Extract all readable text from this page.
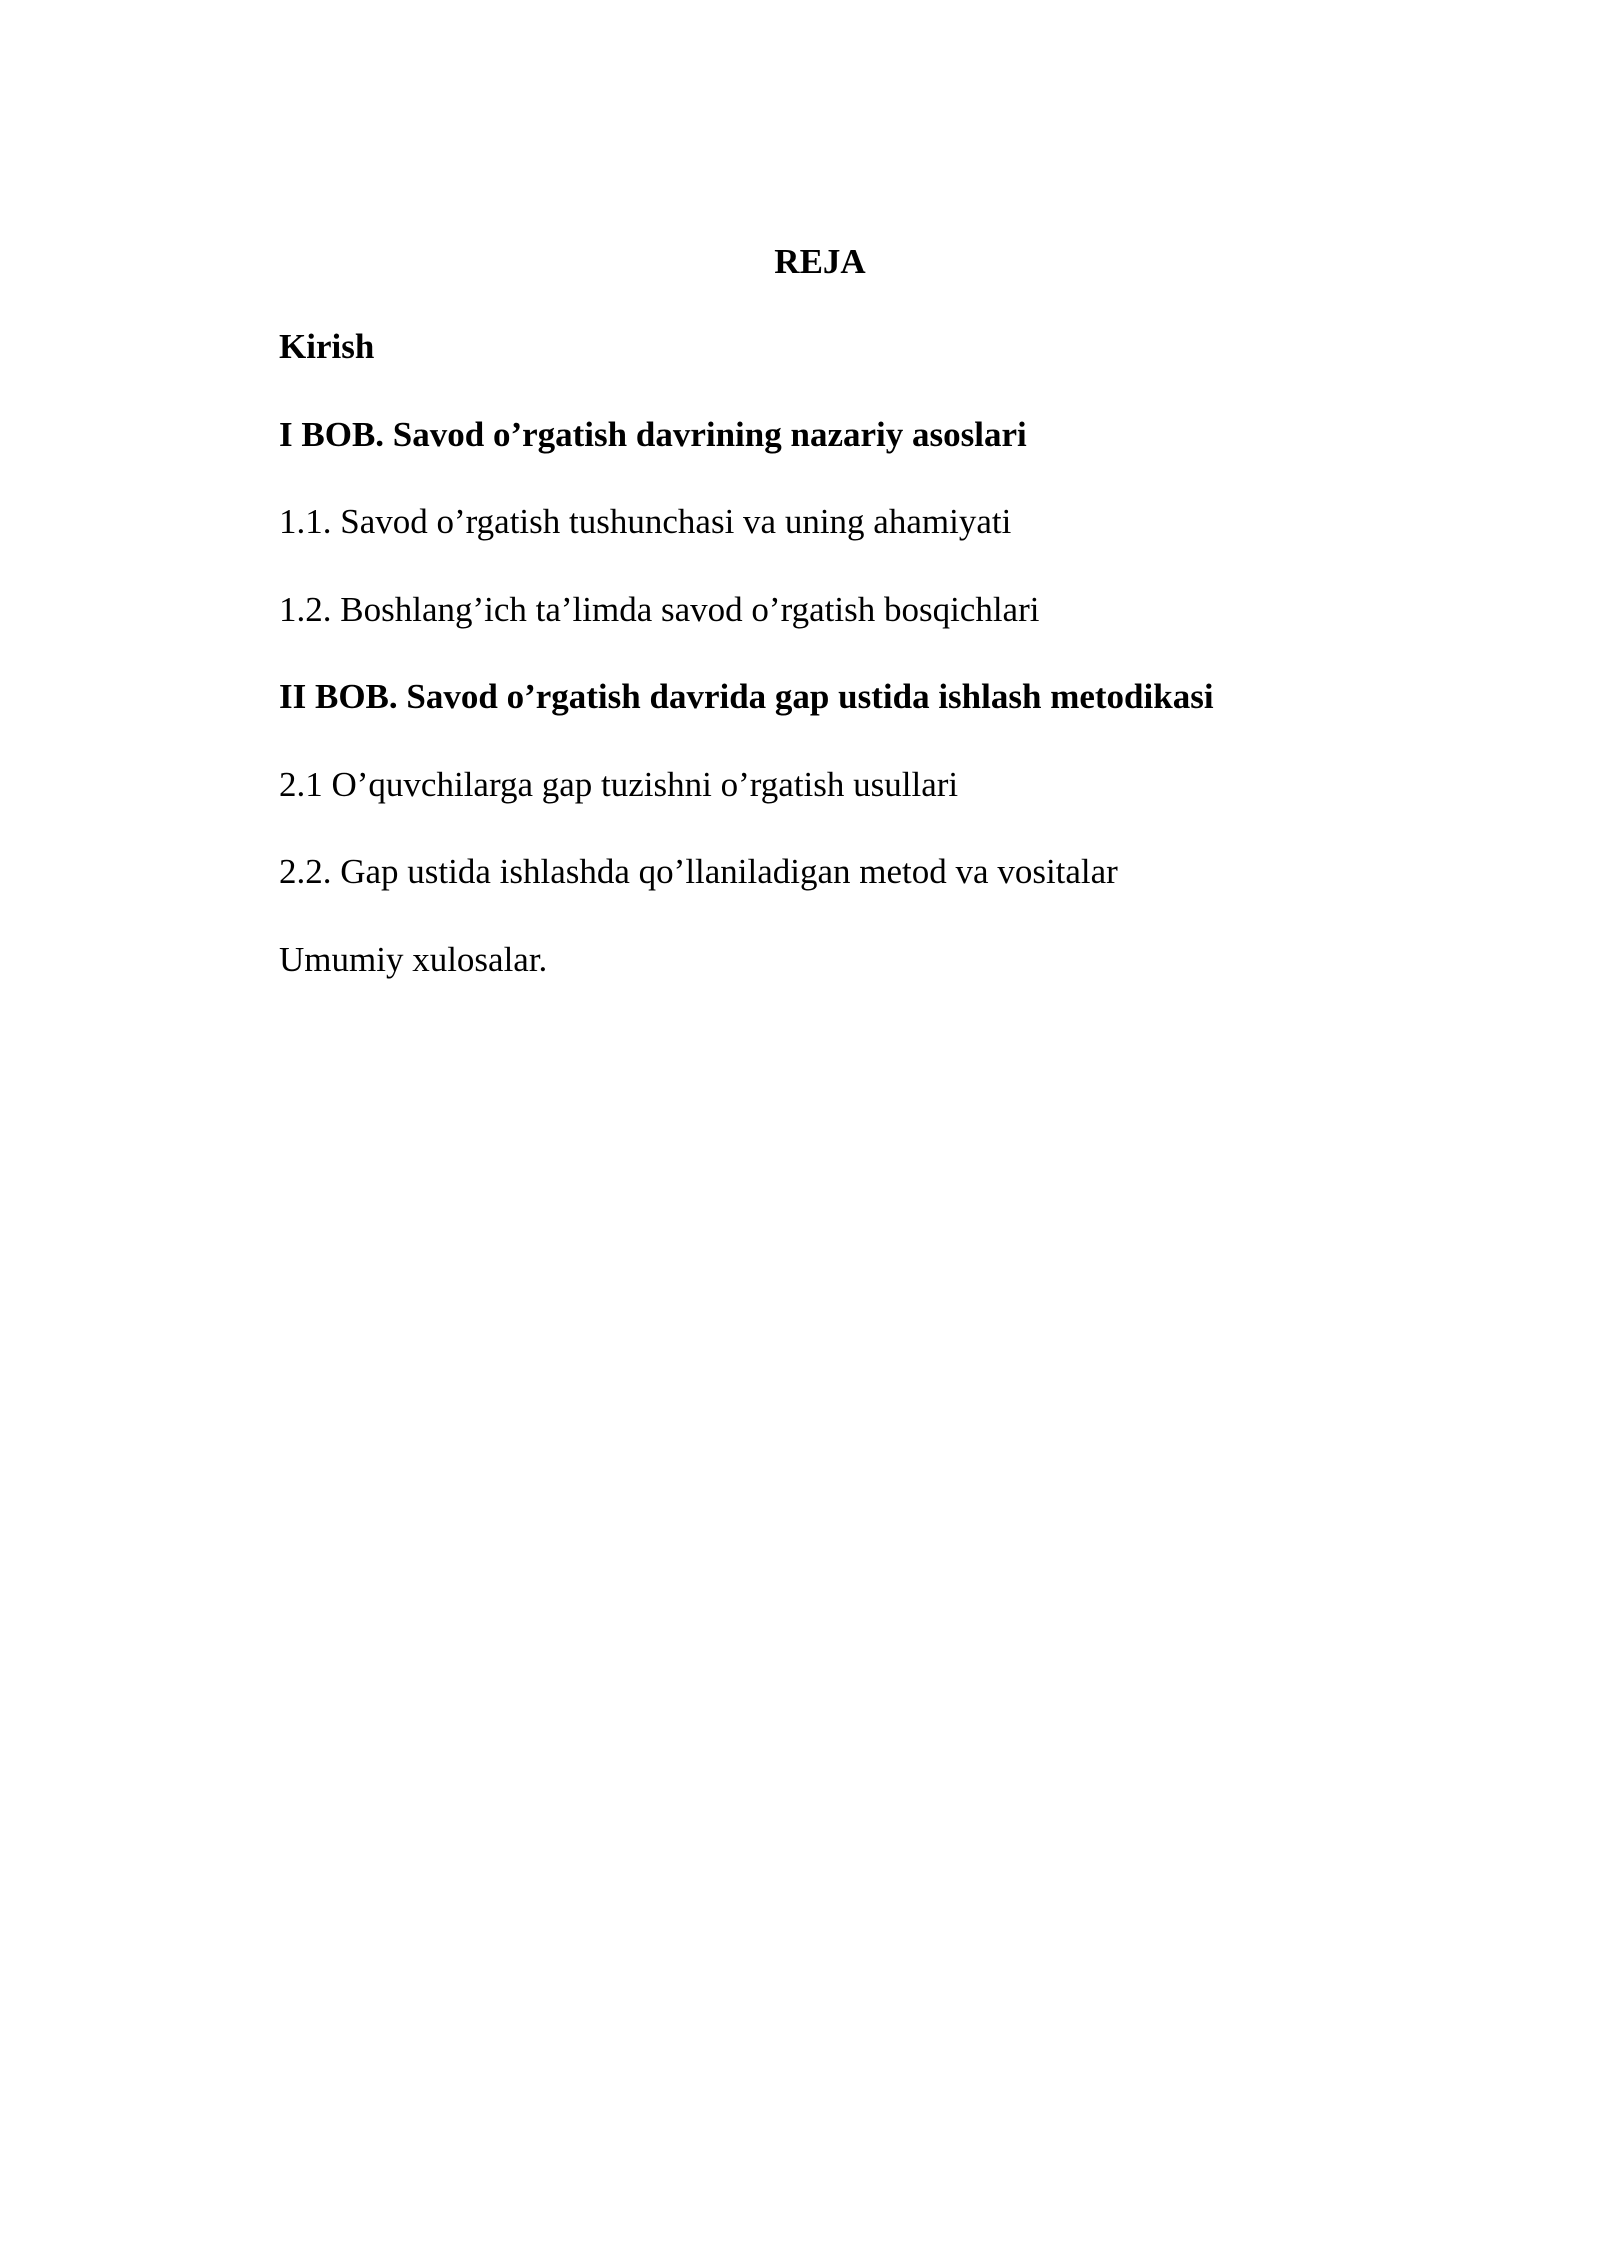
REJA
Kirish
I BOB. Savod o’rgatish davrining nazariy asoslari
1.1. Savod o’rgatish tushunchasi va uning ahamiyati
1.2. Boshlang’ich ta’limda savod o’rgatish bosqichlari
II BOB. Savod o’rgatish davrida gap ustida ishlash metodikasi
2.1 O’quvchilarga gap tuzishni o’rgatish usullari
2.2. Gap ustida ishlashda qo’llaniladigan metod va vositalar
Umumiy xulosalar.
